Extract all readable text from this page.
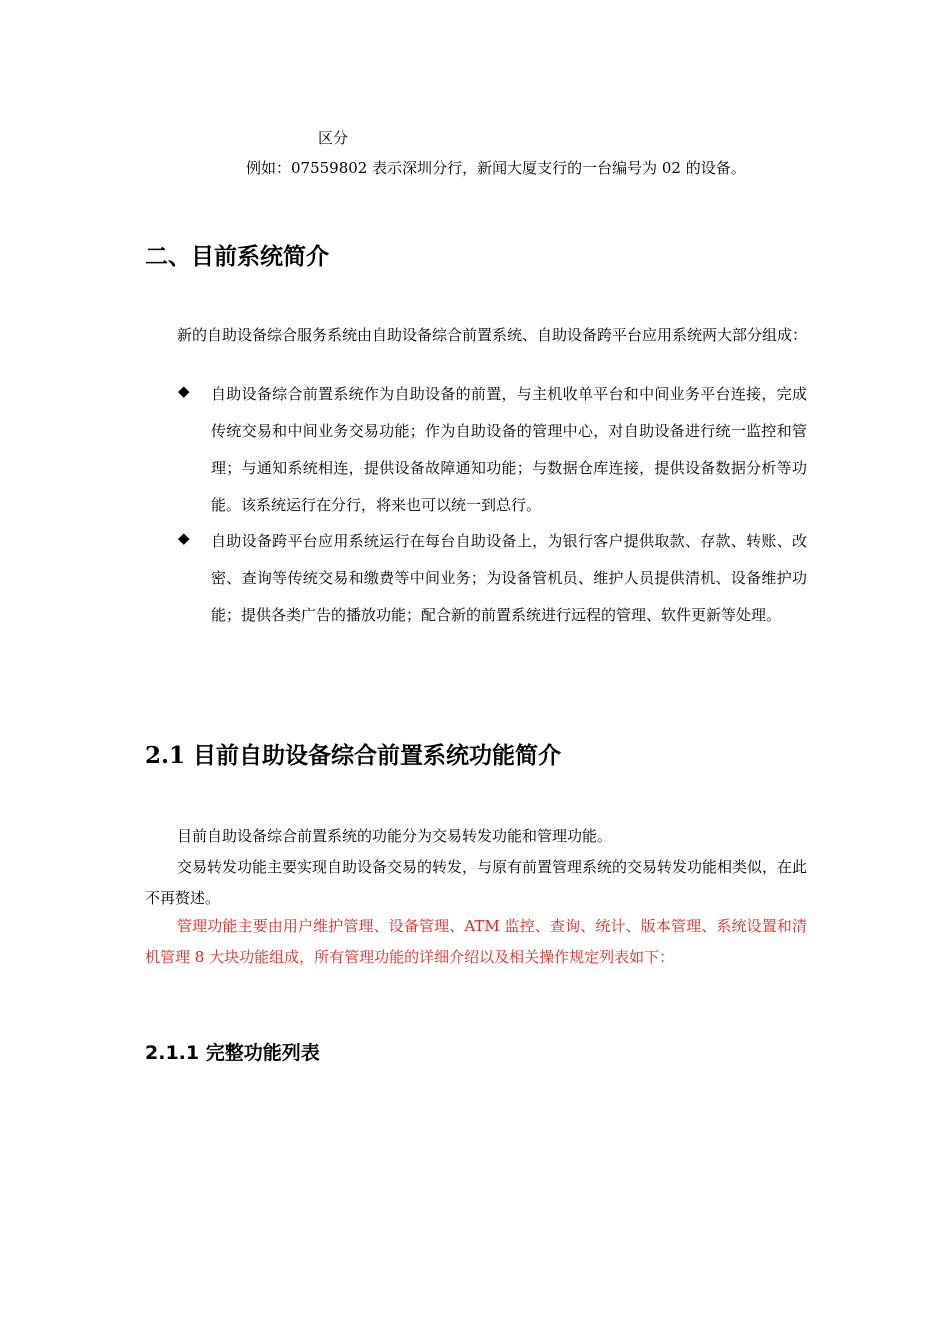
区分
例如：07559802 表示深圳分行，新闻大厦支行的一台编号为 02 的设备。
二、目前系统简介

新的自助设备综合服务系统由自助设备综合前置系统、自助设备跨平台应用系统两大部分组成：

◆ 自助设备综合前置系统作为自助设备的前置，与主机收单平台和中间业务平台连接，完成传统交易和中间业务交易功能；作为自助设备的管理中心，对自助设备进行统一监控和管理；与通知系统相连，提供设备故障通知功能；与数据仓库连接，提供设备数据分析等功能。该系统运行在分行，将来也可以统一到总行。

◆ 自助设备跨平台应用系统运行在每台自助设备上，为银行客户提供取款、存款、转账、改密、查询等传统交易和缴费等中间业务；为设备管机员、维护人员提供清机、设备维护功能；提供各类广告的播放功能；配合新的前置系统进行远程的管理、软件更新等处理。

2.1 目前自助设备综合前置系统功能简介

目前自助设备综合前置系统的功能分为交易转发功能和管理功能。

交易转发功能主要实现自助设备交易的转发，与原有前置管理系统的交易转发功能相类似，在此不再赘述。

管理功能主要由用户维护管理、设备管理、ATM 监控、查询、统计、版本管理、系统设置和清机管理 8 大块功能组成，所有管理功能的详细介绍以及相关操作规定列表如下：

2.1.1 完整功能列表
